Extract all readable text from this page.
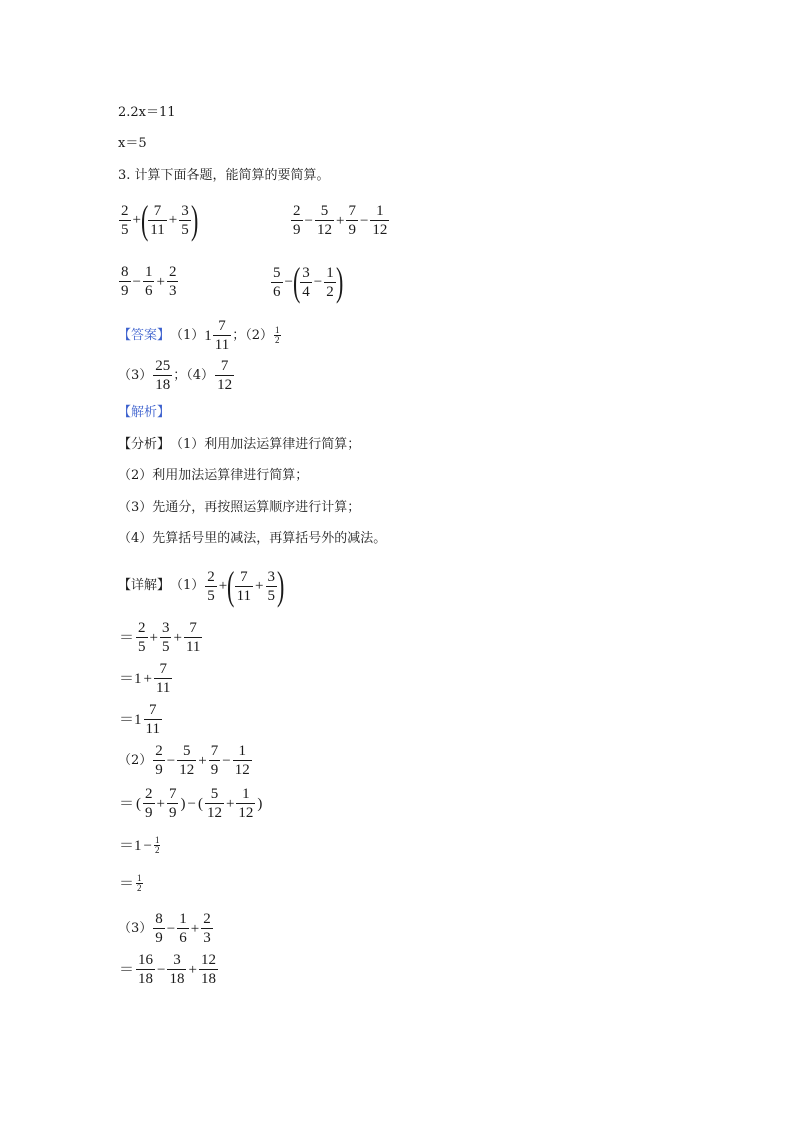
2.2x＝11
x＝5
3. 计算下面各题，能简算的要简算。
2
5
+ ( 7
11
+ $\frac{3}{5}$ )	2
9
− $\frac{5}{12} + \frac{7}{9} - \frac{1}{12}$
8
9
− $\frac{1}{6} + \frac{2}{3}$	5
6
− ( 3
4
− $\frac{1}{2}$ )
【答案】 （1） 1
7
11
；（2） 1
2
（3）
25
18
；（4）
7
12
【解析】
【分析】 （1）利用加法运算律进行简算；
（2）利用加法运算律进行简算；
（3）先通分，再按照运算顺序进行计算；
（4）先算括号里的减法，再算括号外的减法。
【详解】 （1）
2
5
+ ( 7
11
+ $\frac{3}{5}$ )
＝
2
5
+ $\frac{3}{5} + \frac{7}{11}$
$=1 + \frac{7}{11}$
＝1
7
11
（2）
2
9
− $\frac{5}{12} + \frac{7}{9} - \frac{1}{12}$
＝ (
2
9
+ $\frac{7}{9}$ ) − (
5
12
+ $\frac{1}{12}$ )
$=1 - \frac{1}{2}$
＝ 1
2
（3）
8
9
− $\frac{1}{6} + \frac{2}{3}$
＝
16
18
− $\frac{3}{18} + \frac{12}{18}$
